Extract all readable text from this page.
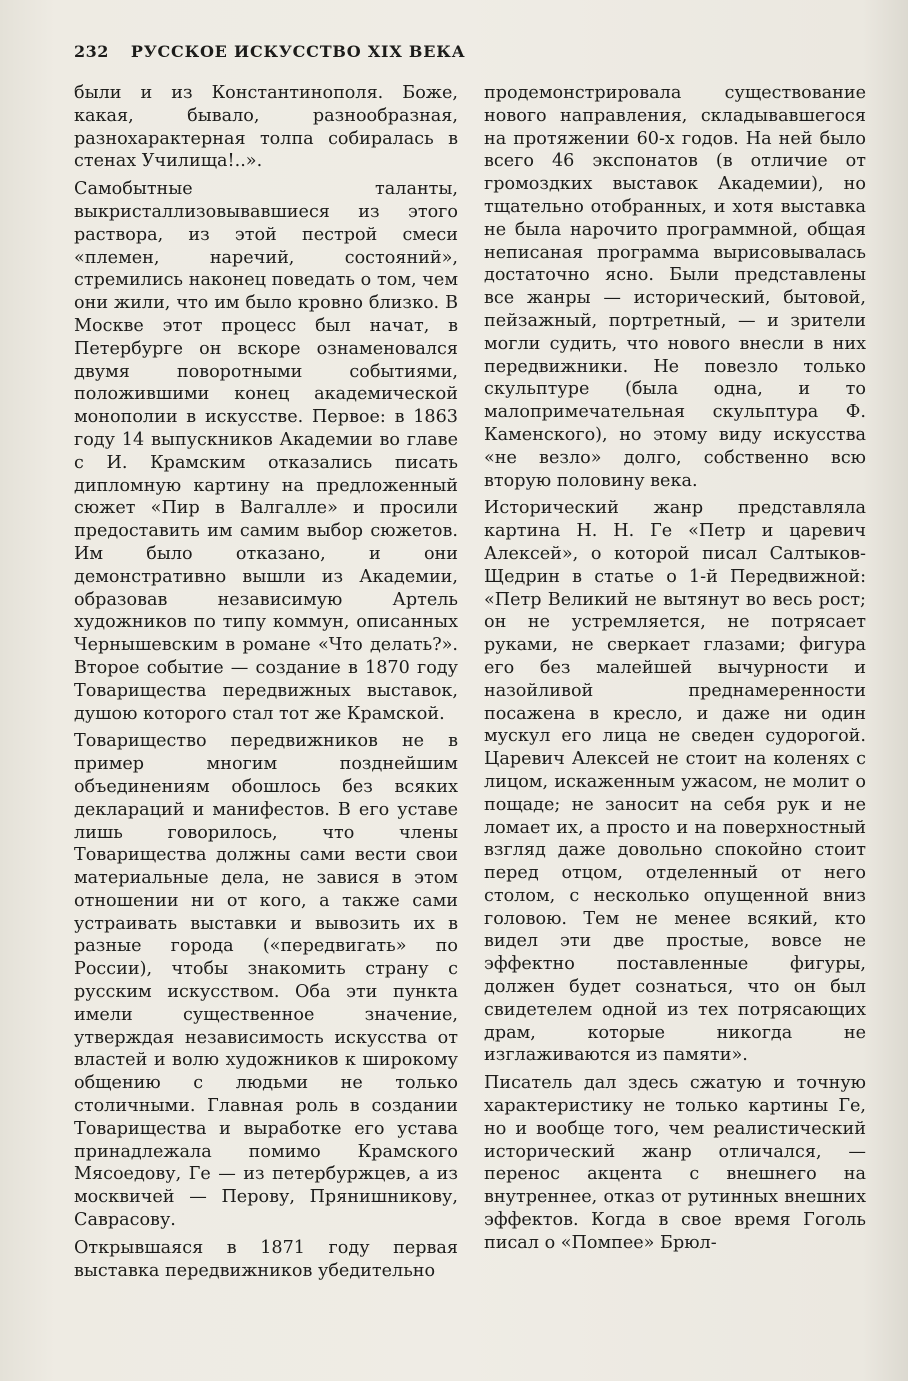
232 РУССКОЕ ИСКУССТВО XIX ВЕКА

были и из Константинополя. Боже, какая, бывало, разнообразная, разнохарактерная толпа собиралась в стенах Училища!..».

Самобытные таланты, выкристаллизовывавшиеся из этого раствора, из этой пестрой смеси «племен, наречий, состояний», стремились наконец поведать о том, чем они жили, что им было кровно близко. В Москве этот процесс был начат, в Петербурге он вскоре ознаменовался двумя поворотными событиями, положившими конец академической монополии в искусстве. Первое: в 1863 году 14 выпускников Академии во главе с И. Крамским отказались писать дипломную картину на предложенный сюжет «Пир в Валгалле» и просили предоставить им самим выбор сюжетов. Им было отказано, и они демонстративно вышли из Академии, образовав независимую Артель художников по типу коммун, описанных Чернышевским в романе «Что делать?». Второе событие — создание в 1870 году Товарищества передвижных выставок, душою которого стал тот же Крамской.

Товарищество передвижников не в пример многим позднейшим объединениям обошлось без всяких деклараций и манифестов. В его уставе лишь говорилось, что члены Товарищества должны сами вести свои материальные дела, не завися в этом отношении ни от кого, а также сами устраивать выставки и вывозить их в разные города («передвигать» по России), чтобы знакомить страну с русским искусством. Оба эти пункта имели существенное значение, утверждая независимость искусства от властей и волю художников к широкому общению с людьми не только столичными. Главная роль в создании Товарищества и выработке его устава принадлежала помимо Крамского Мясоедову, Ге — из петербуржцев, а из москвичей — Перову, Прянишникову, Саврасову.

Открывшаяся в 1871 году первая выставка передвижников убедительно

продемонстрировала существование нового направления, складывавшегося на протяжении 60-х годов. На ней было всего 46 экспонатов (в отличие от громоздких выставок Академии), но тщательно отобранных, и хотя выставка не была нарочито программной, общая неписаная программа вырисовывалась достаточно ясно. Были представлены все жанры — исторический, бытовой, пейзажный, портретный, — и зрители могли судить, что нового внесли в них передвижники. Не повезло только скульптуре (была одна, и то малопримечательная скульптура Ф. Каменского), но этому виду искусства «не везло» долго, собственно всю вторую половину века.

Исторический жанр представляла картина Н. Н. Ге «Петр и царевич Алексей», о которой писал Салтыков-Щедрин в статье о 1-й Передвижной: «Петр Великий не вытянут во весь рост; он не устремляется, не потрясает руками, не сверкает глазами; фигура его без малейшей вычурности и назойливой преднамеренности посажена в кресло, и даже ни один мускул его лица не сведен судорогой. Царевич Алексей не стоит на коленях с лицом, искаженным ужасом, не молит о пощаде; не заносит на себя рук и не ломает их, а просто и на поверхностный взгляд даже довольно спокойно стоит перед отцом, отделенный от него столом, с несколько опущенной вниз головою. Тем не менее всякий, кто видел эти две простые, вовсе не эффектно поставленные фигуры, должен будет сознаться, что он был свидетелем одной из тех потрясающих драм, которые никогда не изглаживаются из памяти».

Писатель дал здесь сжатую и точную характеристику не только картины Ге, но и вообще того, чем реалистический исторический жанр отличался, — перенос акцента с внешнего на внутреннее, отказ от рутинных внешних эффектов. Когда в свое время Гоголь писал о «Помпее» Брюл-
